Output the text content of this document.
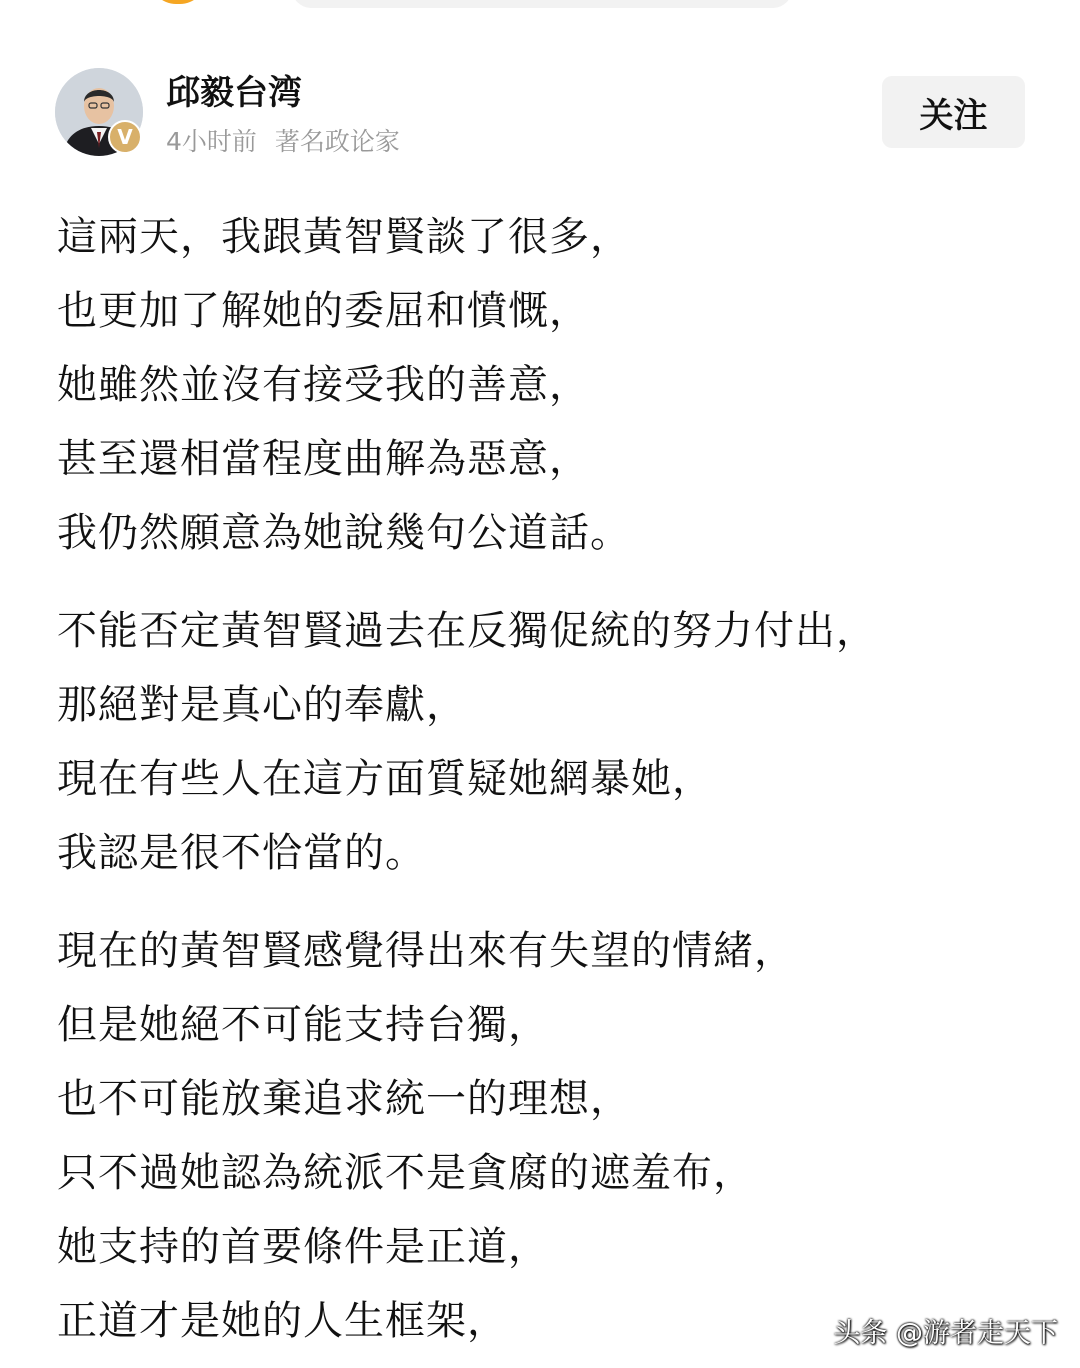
V
邱毅台湾
4小时前 著名政论家
关注
這兩天，我跟黃智賢談了很多，
也更加了解她的委屈和憤慨，
她雖然並沒有接受我的善意，
甚至還相當程度曲解為惡意，
我仍然願意為她說幾句公道話。
不能否定黃智賢過去在反獨促統的努力付出，
那絕對是真心的奉獻，
現在有些人在這方面質疑她網暴她，
我認是很不恰當的。
現在的黃智賢感覺得出來有失望的情緒，
但是她絕不可能支持台獨，
也不可能放棄追求統一的理想，
只不過她認為統派不是貪腐的遮羞布，
她支持的首要條件是正道，
正道才是她的人生框架，	头条 @游者走天下
